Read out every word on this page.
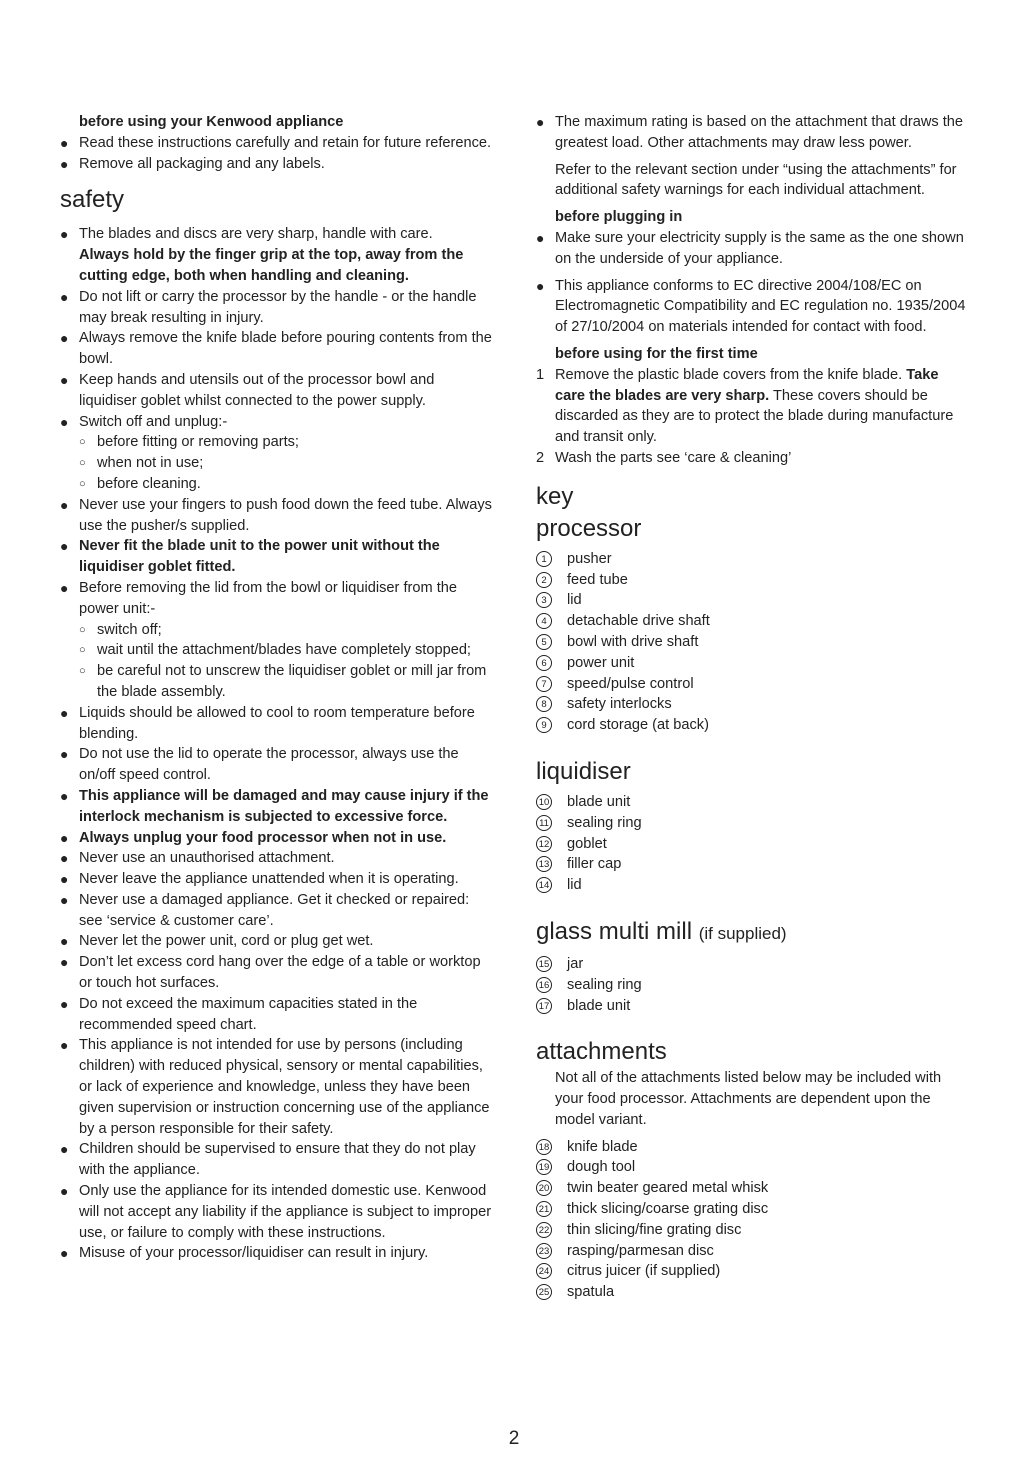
before using your Kenwood appliance

● Read these instructions carefully and retain for future reference.
● Remove all packaging and any labels.
safety
● The blades and discs are very sharp, handle with care.
Always hold by the finger grip at the top, away from the cutting edge, both when handling and cleaning.
● Do not lift or carry the processor by the handle - or the handle may break resulting in injury.
● Always remove the knife blade before pouring contents from the bowl.
● Keep hands and utensils out of the processor bowl and liquidiser goblet whilst connected to the power supply.
● Switch off and unplug:-
○ before fitting or removing parts;
○ when not in use;
○ before cleaning.
● Never use your fingers to push food down the feed tube. Always use the pusher/s supplied.
● Never fit the blade unit to the power unit without the liquidiser goblet fitted.
● Before removing the lid from the bowl or liquidiser from the power unit:-
○ switch off;
○ wait until the attachment/blades have completely stopped;
○ be careful not to unscrew the liquidiser goblet or mill jar from the blade assembly.
● Liquids should be allowed to cool to room temperature before blending.
● Do not use the lid to operate the processor, always use the on/off speed control.
● This appliance will be damaged and may cause injury if the interlock mechanism is subjected to excessive force.
● Always unplug your food processor when not in use.
● Never use an unauthorised attachment.
● Never leave the appliance unattended when it is operating.
● Never use a damaged appliance. Get it checked or repaired: see ‘service & customer care’.
● Never let the power unit, cord or plug get wet.
● Don’t let excess cord hang over the edge of a table or worktop or touch hot surfaces.
● Do not exceed the maximum capacities stated in the recommended speed chart.
● This appliance is not intended for use by persons (including children) with reduced physical, sensory or mental capabilities, or lack of experience and knowledge, unless they have been given supervision or instruction concerning use of the appliance by a person responsible for their safety.
● Children should be supervised to ensure that they do not play with the appliance.
● Only use the appliance for its intended domestic use. Kenwood will not accept any liability if the appliance is subject to improper use, or failure to comply with these instructions.
● Misuse of your processor/liquidiser can result in injury.
● The maximum rating is based on the attachment that draws the greatest load. Other attachments may draw less power.

Refer to the relevant section under “using the attachments” for additional safety warnings for each individual attachment.

before plugging in

● Make sure your electricity supply is the same as the one shown on the underside of your appliance.
● This appliance conforms to EC directive 2004/108/EC on Electromagnetic Compatibility and EC regulation no. 1935/2004 of 27/10/2004 on materials intended for contact with food.

before using for the first time

1 Remove the plastic blade covers from the knife blade. Take care the blades are very sharp. These covers should be discarded as they are to protect the blade during manufacture and transit only.
2 Wash the parts see ‘care & cleaning’
key
processor
1	pusher
2	feed tube
3	lid
4	detachable drive shaft
5	bowl with drive shaft
6	power unit
7	speed/pulse control
8	safety interlocks
9	cord storage (at back)
liquidiser
10 blade unit
11 sealing ring
12 goblet
13 filler cap
14 lid
glass multi mill (if supplied)
15 jar
16 sealing ring
17 blade unit
attachments

Not all of the attachments listed below may be included with your food processor. Attachments are dependent upon the model variant.

18 knife blade
19 dough tool
20 twin beater geared metal whisk
21 thick slicing/coarse grating disc
22 thin slicing/fine grating disc
23 rasping/parmesan disc
24 citrus juicer (if supplied)
25 spatula
2
